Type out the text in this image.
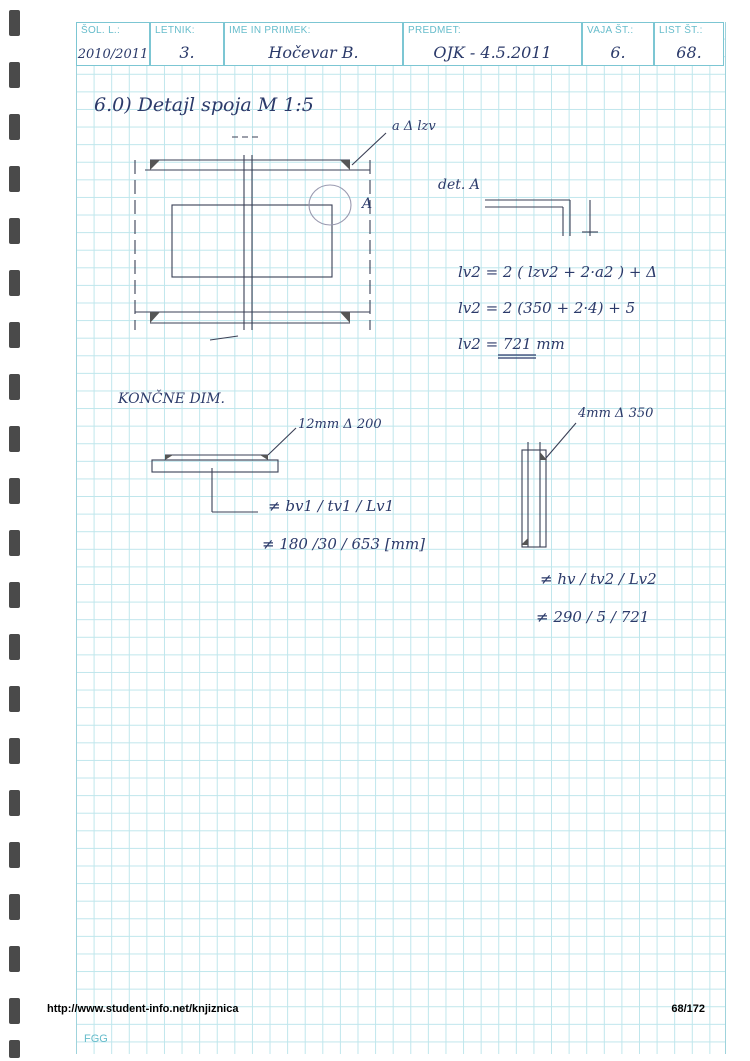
ŠOL. L.:
2010/2011
LETNIK:
3.
IME IN PRIIMEK:
Hočevar B.
PREDMET:
OJK - 4.5.2011
VAJA ŠT.:
6.
LIST ŠT.:
68.
6.0) Detajl spoja M 1:5
a Δ lzv
A
det. A
lv2 = 2 ( lzv2 + 2·a2 ) + Δ
lv2 = 2 (350 + 2·4) + 5
lv2 = 721 mm
KONČNE DIM.
12mm Δ 200
≠ bv1 / tv1 / Lv1
≠ 180 /30 / 653 [mm]
4mm Δ 350
≠ hv / tv2 / Lv2
≠ 290 / 5 / 721
http://www.student-info.net/knjiznica	68/172
FGG
